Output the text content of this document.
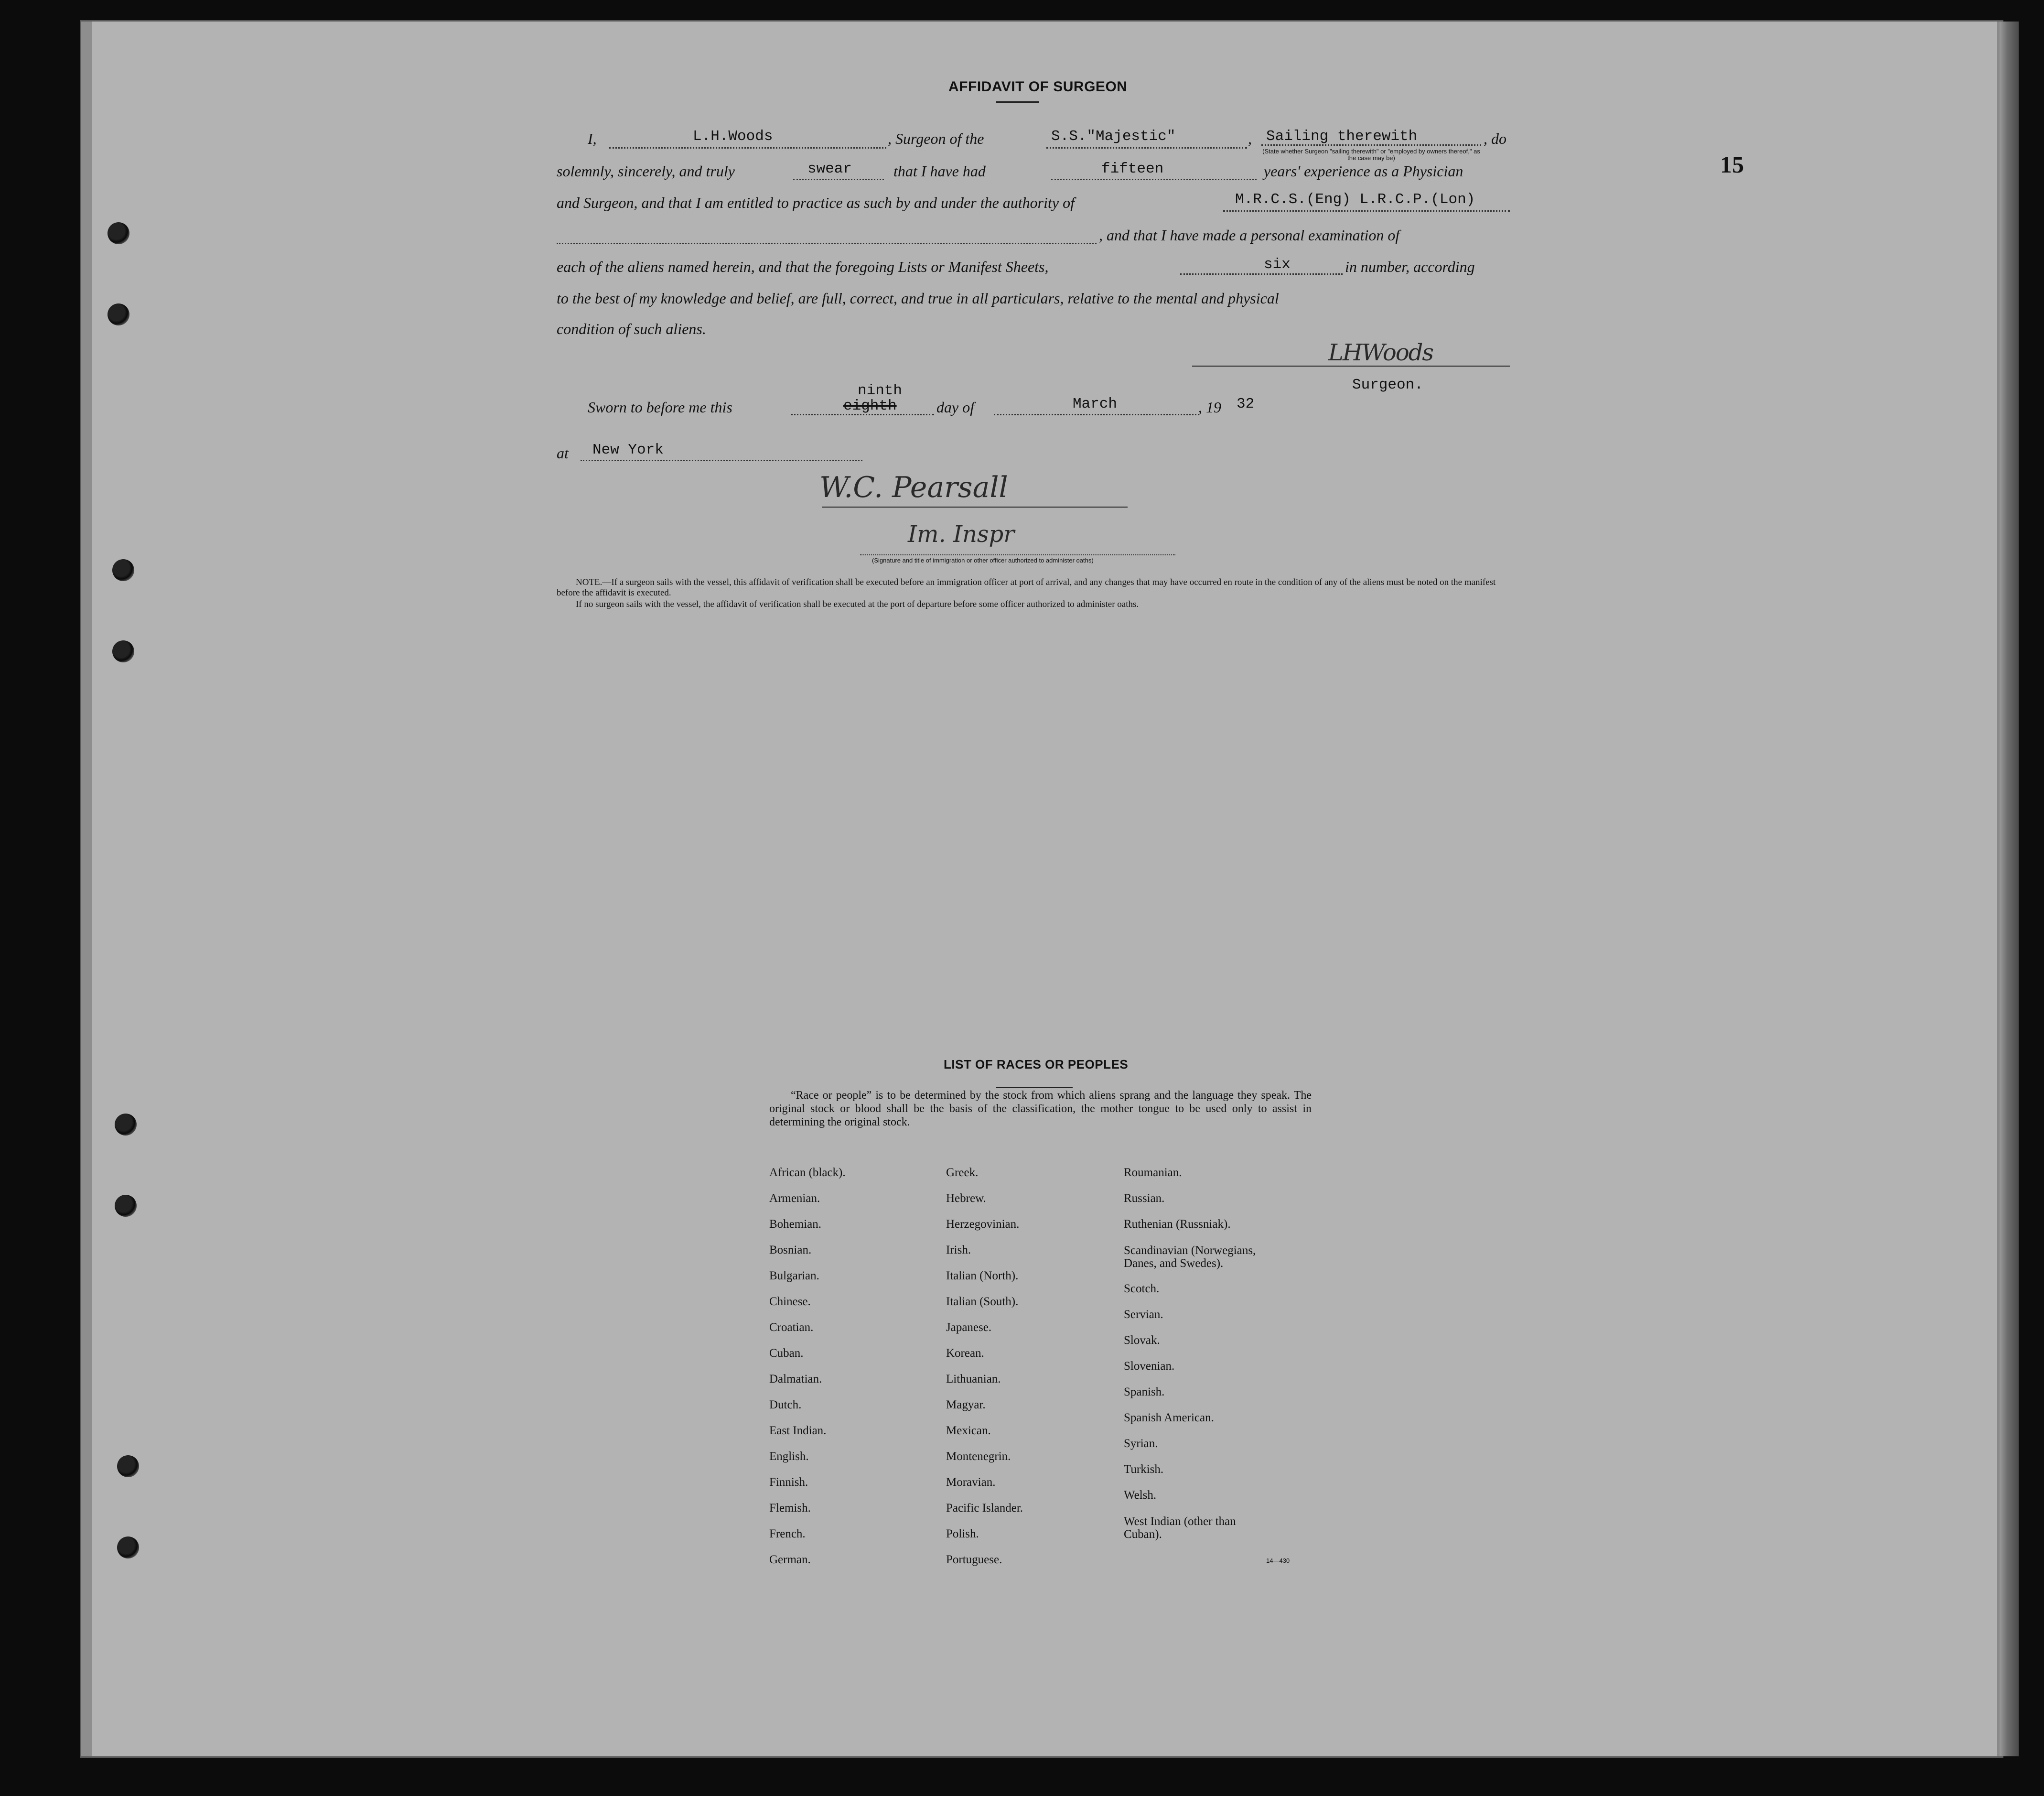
15
AFFIDAVIT OF SURGEON
I,	L.H.Woods	, Surgeon of the	S.S."Majestic"	, Sailing therewith	, do
(State whether Surgeon "sailing therewith" or "employed by owners thereof," as the case may be)
solemnly, sincerely, and truly	swear	that I have had	fifteen	years' experience as a Physician
and Surgeon, and that I am entitled to practice as such by and under the authority of	M.R.C.S.(Eng) L.R.C.P.(Lon)
, and that I have made a personal examination of
each of the aliens named herein, and that the foregoing Lists or Manifest Sheets,	six	in number, according
to the best of my knowledge and belief, are full, correct, and true in all particulars, relative to the mental and physical
condition of such aliens.
LHWoods
Surgeon.
Sworn to before me this
ninth
eighth	day of	March	, 19 32
at New York
W.C. Pearsall
Im. Inspr
(Signature and title of immigration or other officer authorized to administer oaths)
NOTE.—If a surgeon sails with the vessel, this affidavit of verification shall be executed before an immigration officer at port of arrival, and any changes that may have occurred en route in the condition of any of the aliens must be noted on the manifest before the affidavit is executed.
If no surgeon sails with the vessel, the affidavit of verification shall be executed at the port of departure before some officer authorized to administer oaths.
LIST OF RACES OR PEOPLES
“Race or people” is to be determined by the stock from which aliens sprang and the language they speak. The original stock or blood shall be the basis of the classification, the mother tongue to be used only to assist in determining the original stock.
African (black).
Armenian.
Bohemian.
Bosnian.
Bulgarian.
Chinese.
Croatian.
Cuban.
Dalmatian.
Dutch.
East Indian.
English.
Finnish.
Flemish.
French.
German.
Greek.
Hebrew.
Herzegovinian.
Irish.
Italian (North).
Italian (South).
Japanese.
Korean.
Lithuanian.
Magyar.
Mexican.
Montenegrin.
Moravian.
Pacific Islander.
Polish.
Portuguese.
Roumanian.
Russian.
Ruthenian (Russniak).
Scandinavian (Norwegians,
Danes, and Swedes).
Scotch.
Servian.
Slovak.
Slovenian.
Spanish.
Spanish American.
Syrian.
Turkish.
Welsh.
West Indian (other than
Cuban).
14—430
